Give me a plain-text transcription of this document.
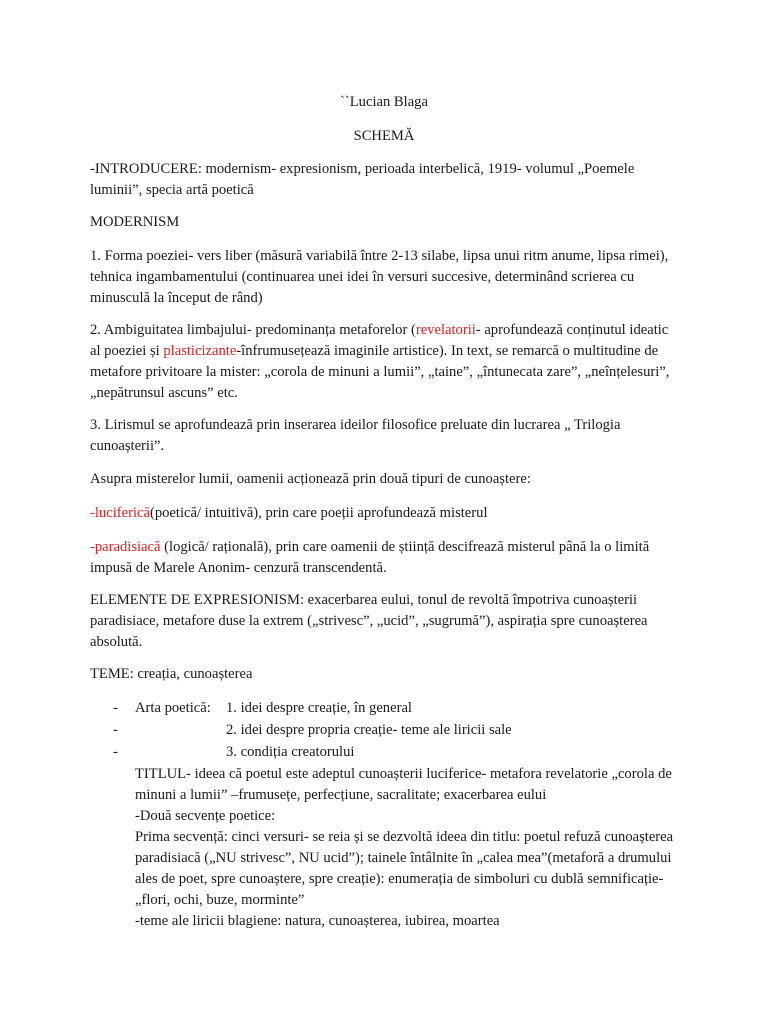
``Lucian Blaga

SCHEMĂ

-INTRODUCERE: modernism- expresionism, perioada interbelică, 1919- volumul „Poemele luminii”, specia artă poetică

MODERNISM

1. Forma poeziei- vers liber (măsură variabilă între 2-13 silabe, lipsa unui ritm anume, lipsa rimei), tehnica ingambamentului (continuarea unei idei în versuri succesive, determinând scrierea cu minusculă la început de rând)

2. Ambiguitatea limbajului- predominanța metaforelor (revelatorii- aprofundează conținutul ideatic al poeziei și plasticizante-înfrumusețează imaginile artistice). In text, se remarcă o multitudine de metafore privitoare la mister: „corola de minuni a lumii”, „taine”, „întunecata zare”, „neînțelesuri”, „nepătrunsul ascuns” etc.

3. Lirismul se aprofundează prin inserarea ideilor filosofice preluate din lucrarea „ Trilogia cunoașterii”.

Asupra misterelor lumii, oamenii acționează prin două tipuri de cunoaștere:

-luciferică(poetică/ intuitivă), prin care poeții aprofundează misterul

-paradisiacă (logică/ rațională), prin care oamenii de știință descifrează misterul până la o limită impusă de Marele Anonim- cenzură transcendentă.

ELEMENTE DE EXPRESIONISM: exacerbarea eului, tonul de revoltă împotriva cunoașterii paradisiace, metafore duse la extrem („strivesc”, „ucid”, „sugrumă”), aspirația spre cunoașterea absolută.

TEME: creația, cunoașterea

- Arta poetică: 1. idei despre creație, în general
-	2. idei despre propria creație- teme ale liricii sale
-	3. condiția creatorului

TITLUL- ideea că poetul este adeptul cunoașterii luciferice- metafora revelatorie „corola de minuni a lumii” –frumusețe, perfecțiune, sacralitate; exacerbarea eului

-Două secvențe poetice:

Prima secvență: cinci versuri- se reia și se dezvoltă ideea din titlu: poetul refuză cunoașterea paradisiacă („NU strivesc”, NU ucid”); tainele întâlnite în „calea mea”(metaforă a drumului ales de poet, spre cunoaștere, spre creație): enumerația de simboluri cu dublă semnificație- „flori, ochi, buze, morminte”

-teme ale liricii blagiene: natura, cunoașterea, iubirea, moartea
